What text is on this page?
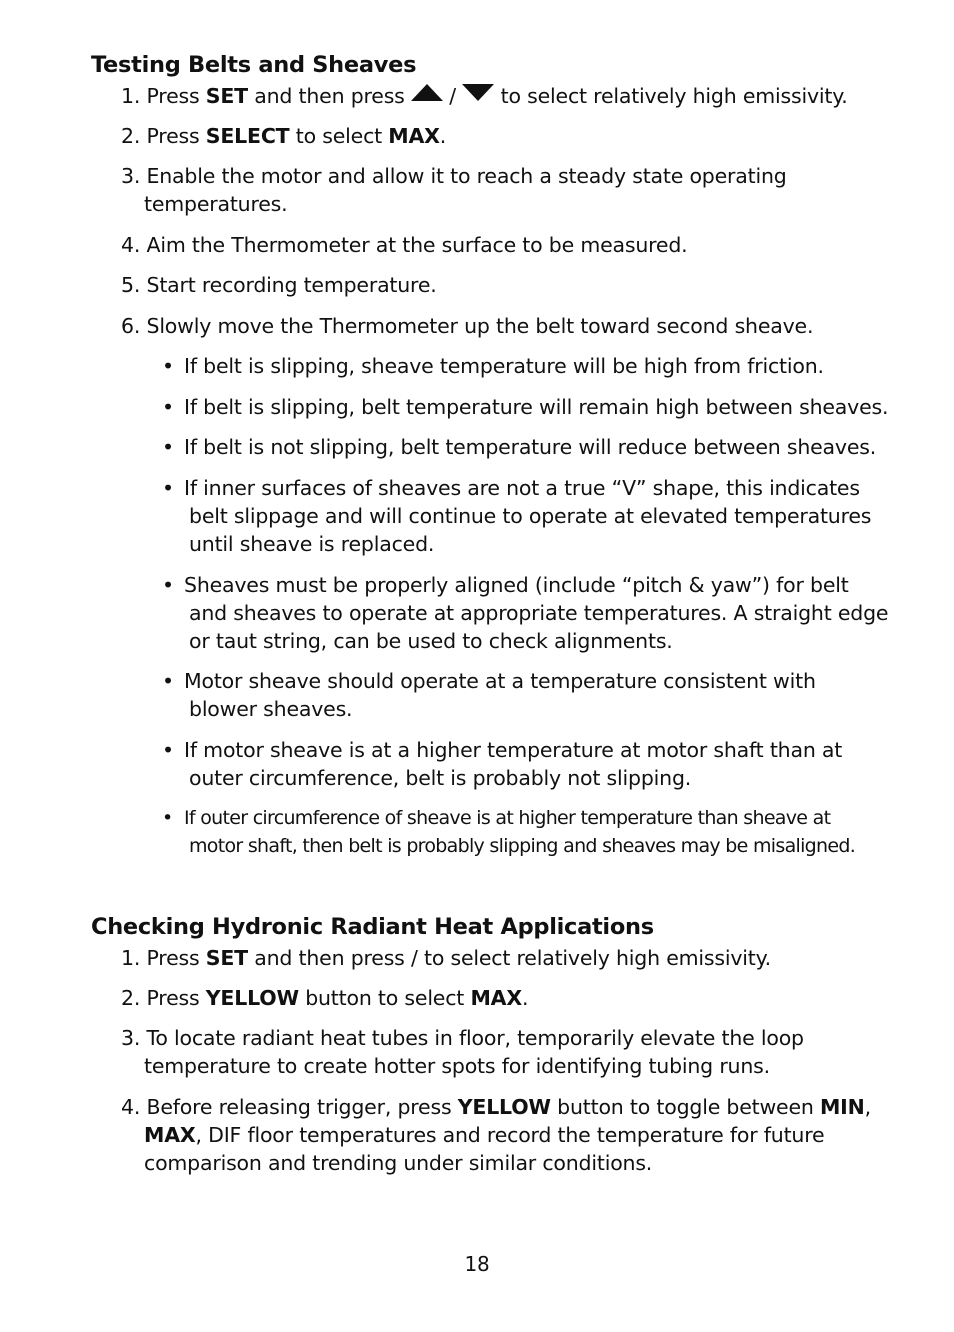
Testing Belts and Sheaves

1. Press SET and then press  /  to select relatively high emissivity.

2. Press SELECT to select MAX.

3. Enable the motor and allow it to reach a steady state operating
temperatures.

4. Aim the Thermometer at the surface to be measured.

5. Start recording temperature.

6. Slowly move the Thermometer up the belt toward second sheave.

• If belt is slipping, sheave temperature will be high from friction.

• If belt is slipping, belt temperature will remain high between sheaves.

• If belt is not slipping, belt temperature will reduce between sheaves.

• If inner surfaces of sheaves are not a true “V” shape, this indicates
belt slippage and will continue to operate at elevated temperatures
until sheave is replaced.

• Sheaves must be properly aligned (include “pitch & yaw”) for belt
and sheaves to operate at appropriate temperatures. A straight edge
or taut string, can be used to check alignments.

• Motor sheave should operate at a temperature consistent with
blower sheaves.

• If motor sheave is at a higher temperature at motor shaft than at
outer circumference, belt is probably not slipping.

• If outer circumference of sheave is at higher temperature than sheave at
motor shaft, then belt is probably slipping and sheaves may be misaligned.

Checking Hydronic Radiant Heat Applications

1. Press SET and then press / to select relatively high emissivity.

2. Press YELLOW button to select MAX.

3. To locate radiant heat tubes in floor, temporarily elevate the loop
temperature to create hotter spots for identifying tubing runs.

4. Before releasing trigger, press YELLOW button to toggle between MIN,
MAX, DIF floor temperatures and record the temperature for future
comparison and trending under similar conditions.

18
